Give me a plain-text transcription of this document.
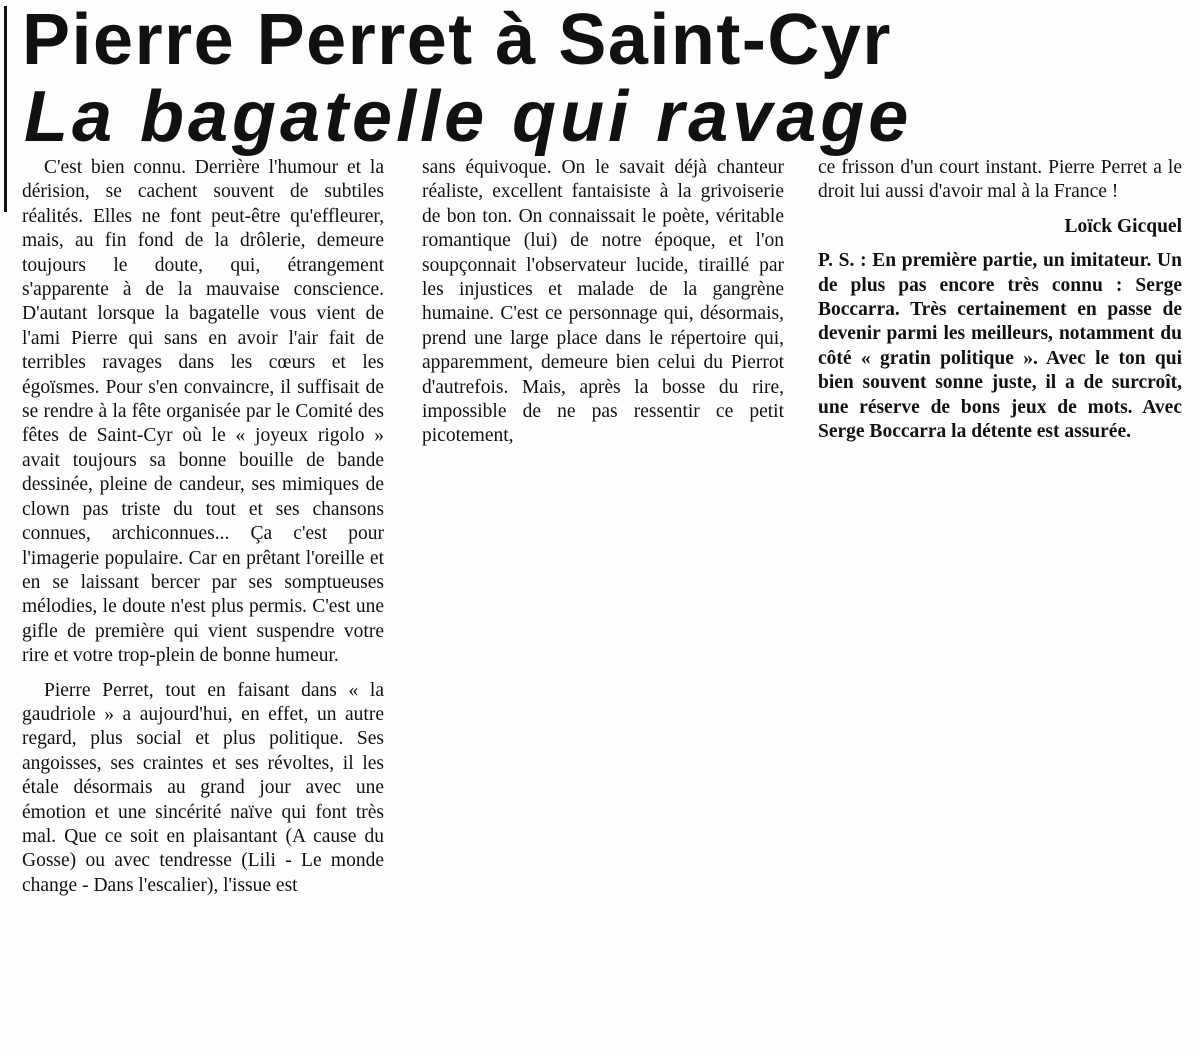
Pierre Perret à Saint-Cyr
La bagatelle qui ravage

C'est bien connu. Derrière l'humour et la dérision, se cachent souvent de subtiles réalités. Elles ne font peut-être qu'effleurer, mais, au fin fond de la drôlerie, demeure toujours le doute, qui, étrangement s'apparente à de la mauvaise conscience. D'autant lorsque la bagatelle vous vient de l'ami Pierre qui sans en avoir l'air fait de terribles ravages dans les cœurs et les égoïsmes. Pour s'en convaincre, il suffisait de se rendre à la fête organisée par le Comité des fêtes de Saint-Cyr où le « joyeux rigolo » avait toujours sa bonne bouille de bande dessinée, pleine de candeur, ses mimiques de clown pas triste du tout et ses chansons connues, archiconnues... Ça c'est pour l'imagerie populaire. Car en prêtant l'oreille et en se laissant bercer par ses somptueuses mélodies, le doute n'est plus permis. C'est une gifle de première qui vient suspendre votre rire et votre trop-plein de bonne humeur.

Pierre Perret, tout en faisant dans « la gaudriole » a aujourd'hui, en effet, un autre regard, plus social et plus politique. Ses angoisses, ses craintes et ses révoltes, il les étale désormais au grand jour avec une émotion et une sincérité naïve qui font très mal. Que ce soit en plaisantant (A cause du Gosse) ou avec tendresse (Lili - Le monde change - Dans l'escalier), l'issue est

sans équivoque. On le savait déjà chanteur réaliste, excellent fantaisiste à la grivoiserie de bon ton. On connaissait le poète, véritable romantique (lui) de notre époque, et l'on soupçonnait l'observateur lucide, tiraillé par les injustices et malade de la gangrène humaine. C'est ce personnage qui, désormais, prend une large place dans le répertoire qui, apparemment, demeure bien celui du Pierrot d'autrefois. Mais, après la bosse du rire, impossible de ne pas ressentir ce petit picotement,

ce frisson d'un court instant. Pierre Perret a le droit lui aussi d'avoir mal à la France !

Loïck Gicquel

P. S. : En première partie, un imitateur. Un de plus pas encore très connu : Serge Boccarra. Très certainement en passe de devenir parmi les meilleurs, notamment du côté « gratin politique ». Avec le ton qui bien souvent sonne juste, il a de surcroît, une réserve de bons jeux de mots. Avec Serge Boccarra la détente est assurée.
